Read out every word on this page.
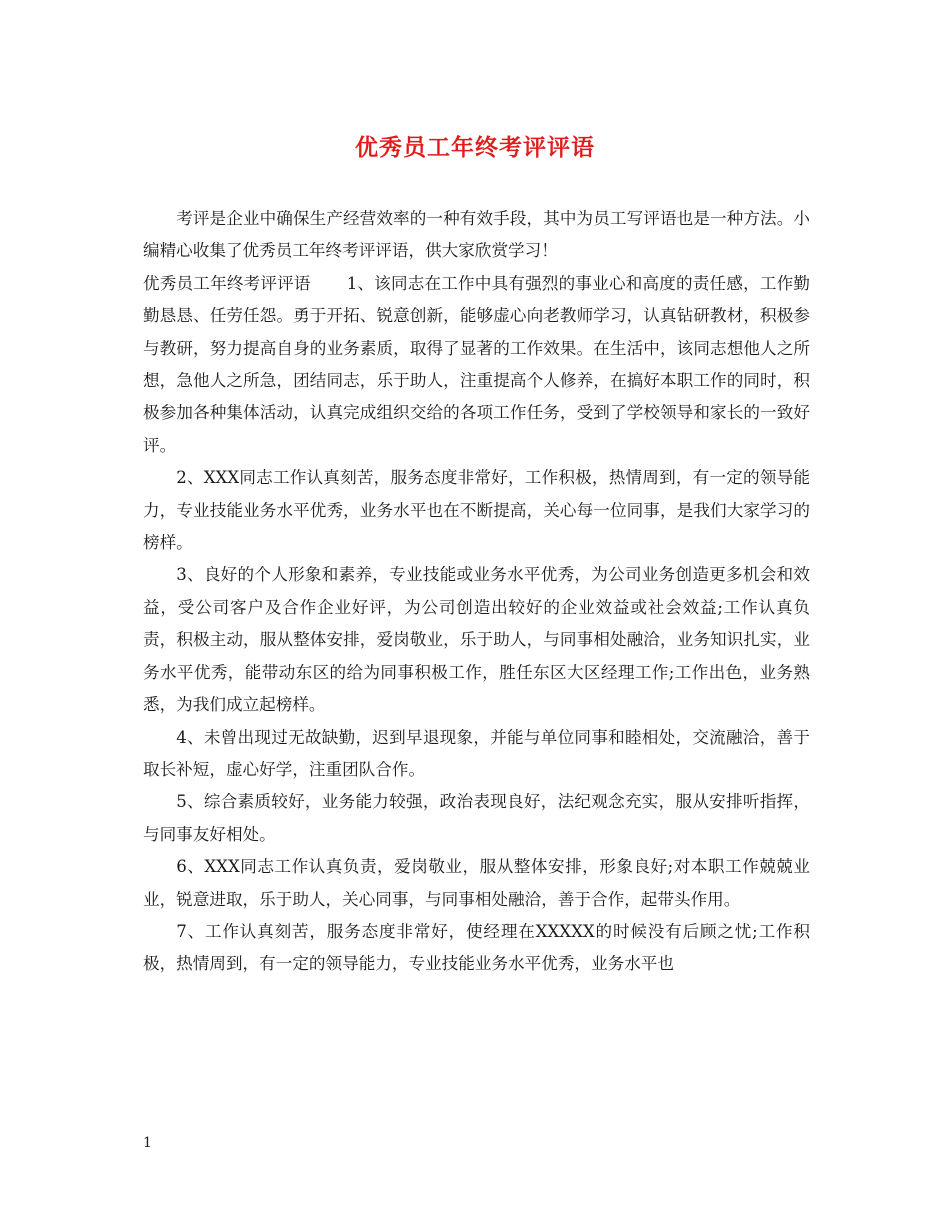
优秀员工年终考评评语

考评是企业中确保生产经营效率的一种有效手段，其中为员工写评语也是一种方法。小编精心收集了优秀员工年终考评评语，供大家欣赏学习！

优秀员工年终考评评语 1、该同志在工作中具有强烈的事业心和高度的责任感，工作勤勤恳恳、任劳任怨。勇于开拓、锐意创新，能够虚心向老教师学习，认真钻研教材，积极参与教研，努力提高自身的业务素质，取得了显著的工作效果。在生活中，该同志想他人之所想，急他人之所急，团结同志，乐于助人，注重提高个人修养，在搞好本职工作的同时，积极参加各种集体活动，认真完成组织交给的各项工作任务，受到了学校领导和家长的一致好评。

2、XXX同志工作认真刻苦，服务态度非常好，工作积极，热情周到，有一定的领导能力，专业技能业务水平优秀，业务水平也在不断提高，关心每一位同事，是我们大家学习的榜样。

3、良好的个人形象和素养，专业技能或业务水平优秀，为公司业务创造更多机会和效益，受公司客户及合作企业好评，为公司创造出较好的企业效益或社会效益;工作认真负责，积极主动，服从整体安排，爱岗敬业，乐于助人，与同事相处融洽，业务知识扎实，业务水平优秀，能带动东区的给为同事积极工作，胜任东区大区经理工作;工作出色，业务熟悉，为我们成立起榜样。

4、未曾出现过无故缺勤，迟到早退现象，并能与单位同事和睦相处，交流融洽，善于取长补短，虚心好学，注重团队合作。

5、综合素质较好，业务能力较强，政治表现良好，法纪观念充实，服从安排听指挥，与同事友好相处。

6、XXX同志工作认真负责，爱岗敬业，服从整体安排，形象良好;对本职工作兢兢业业，锐意进取，乐于助人，关心同事，与同事相处融洽，善于合作，起带头作用。

7、工作认真刻苦，服务态度非常好，使经理在XXXXX的时候没有后顾之忧;工作积极，热情周到，有一定的领导能力，专业技能业务水平优秀，业务水平也

1
